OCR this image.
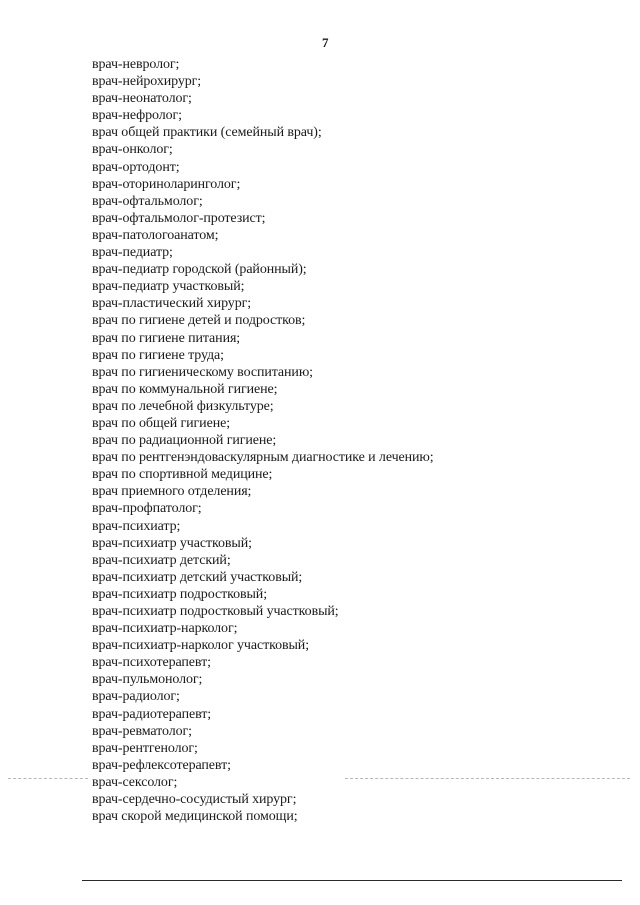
7
врач-невролог;
врач-нейрохирург;
врач-неонатолог;
врач-нефролог;
врач общей практики (семейный врач);
врач-онколог;
врач-ортодонт;
врач-оториноларинголог;
врач-офтальмолог;
врач-офтальмолог-протезист;
врач-патологоанатом;
врач-педиатр;
врач-педиатр городской (районный);
врач-педиатр участковый;
врач-пластический хирург;
врач по гигиене детей и подростков;
врач по гигиене питания;
врач по гигиене труда;
врач по гигиеническому воспитанию;
врач по коммунальной гигиене;
врач по лечебной физкультуре;
врач по общей гигиене;
врач по радиационной гигиене;
врач по рентгенэндоваскулярным диагностике и лечению;
врач по спортивной медицине;
врач приемного отделения;
врач-профпатолог;
врач-психиатр;
врач-психиатр участковый;
врач-психиатр детский;
врач-психиатр детский участковый;
врач-психиатр подростковый;
врач-психиатр подростковый участковый;
врач-психиатр-нарколог;
врач-психиатр-нарколог участковый;
врач-психотерапевт;
врач-пульмонолог;
врач-радиолог;
врач-радиотерапевт;
врач-ревматолог;
врач-рентгенолог;
врач-рефлексотерапевт;
врач-сексолог;
врач-сердечно-сосудистый хирург;
врач скорой медицинской помощи;
